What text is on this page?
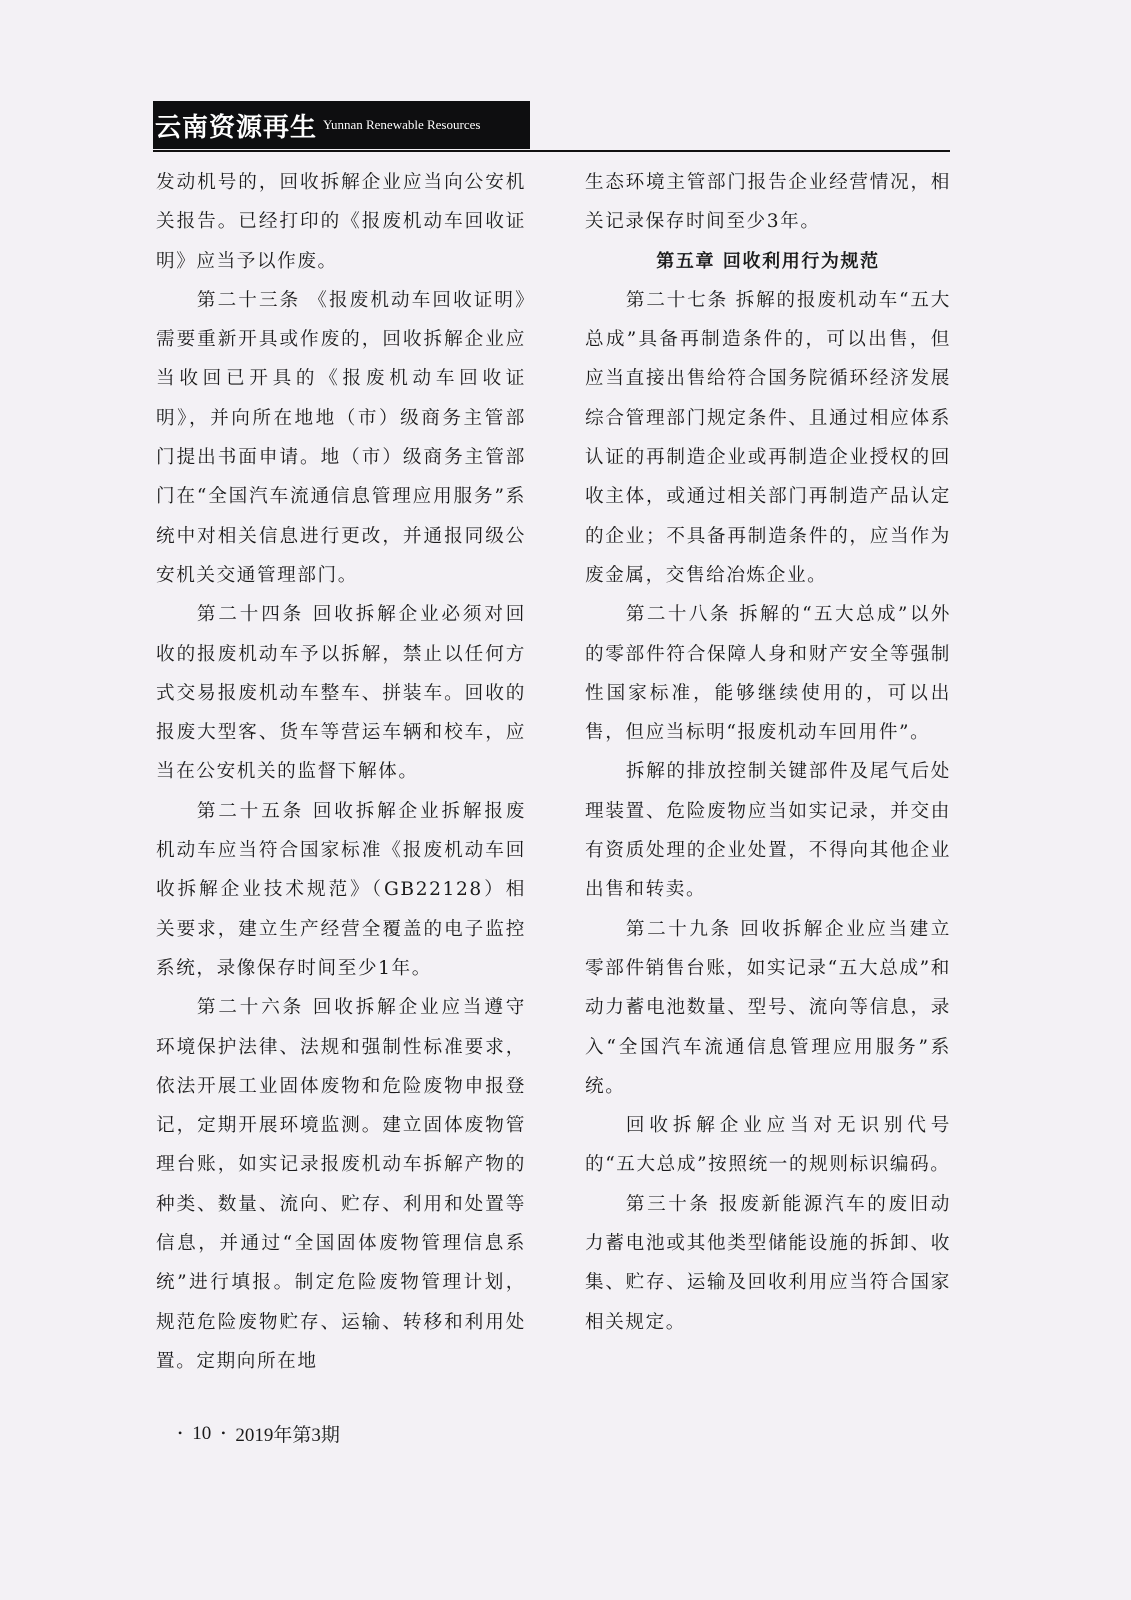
云南资源再生 Yunnan Renewable Resources

发动机号的，回收拆解企业应当向公安机关报告。已经打印的《报废机动车回收证明》应当予以作废。

第二十三条 《报废机动车回收证明》需要重新开具或作废的，回收拆解企业应当收回已开具的《报废机动车回收证明》，并向所在地地（市）级商务主管部门提出书面申请。地（市）级商务主管部门在“全国汽车流通信息管理应用服务”系统中对相关信息进行更改，并通报同级公安机关交通管理部门。

第二十四条 回收拆解企业必须对回收的报废机动车予以拆解，禁止以任何方式交易报废机动车整车、拼装车。回收的报废大型客、货车等营运车辆和校车，应当在公安机关的监督下解体。

第二十五条 回收拆解企业拆解报废机动车应当符合国家标准《报废机动车回收拆解企业技术规范》（GB22128）相关要求，建立生产经营全覆盖的电子监控系统，录像保存时间至少1年。

第二十六条 回收拆解企业应当遵守环境保护法律、法规和强制性标准要求，依法开展工业固体废物和危险废物申报登记，定期开展环境监测。建立固体废物管理台账，如实记录报废机动车拆解产物的种类、数量、流向、贮存、利用和处置等信息，并通过“全国固体废物管理信息系统”进行填报。制定危险废物管理计划，规范危险废物贮存、运输、转移和利用处置。定期向所在地

生态环境主管部门报告企业经营情况，相关记录保存时间至少3年。

第五章 回收利用行为规范

第二十七条 拆解的报废机动车“五大总成”具备再制造条件的，可以出售，但应当直接出售给符合国务院循环经济发展综合管理部门规定条件、且通过相应体系认证的再制造企业或再制造企业授权的回收主体，或通过相关部门再制造产品认定的企业；不具备再制造条件的，应当作为废金属，交售给冶炼企业。

第二十八条 拆解的“五大总成”以外的零部件符合保障人身和财产安全等强制性国家标准，能够继续使用的，可以出售，但应当标明“报废机动车回用件”。

拆解的排放控制关键部件及尾气后处理装置、危险废物应当如实记录，并交由有资质处理的企业处置，不得向其他企业出售和转卖。

第二十九条 回收拆解企业应当建立零部件销售台账，如实记录“五大总成”和动力蓄电池数量、型号、流向等信息，录入“全国汽车流通信息管理应用服务”系统。

回收拆解企业应当对无识别代号的“五大总成”按照统一的规则标识编码。

第三十条 报废新能源汽车的废旧动力蓄电池或其他类型储能设施的拆卸、收集、贮存、运输及回收利用应当符合国家相关规定。

• 10 • 2019年第3期
